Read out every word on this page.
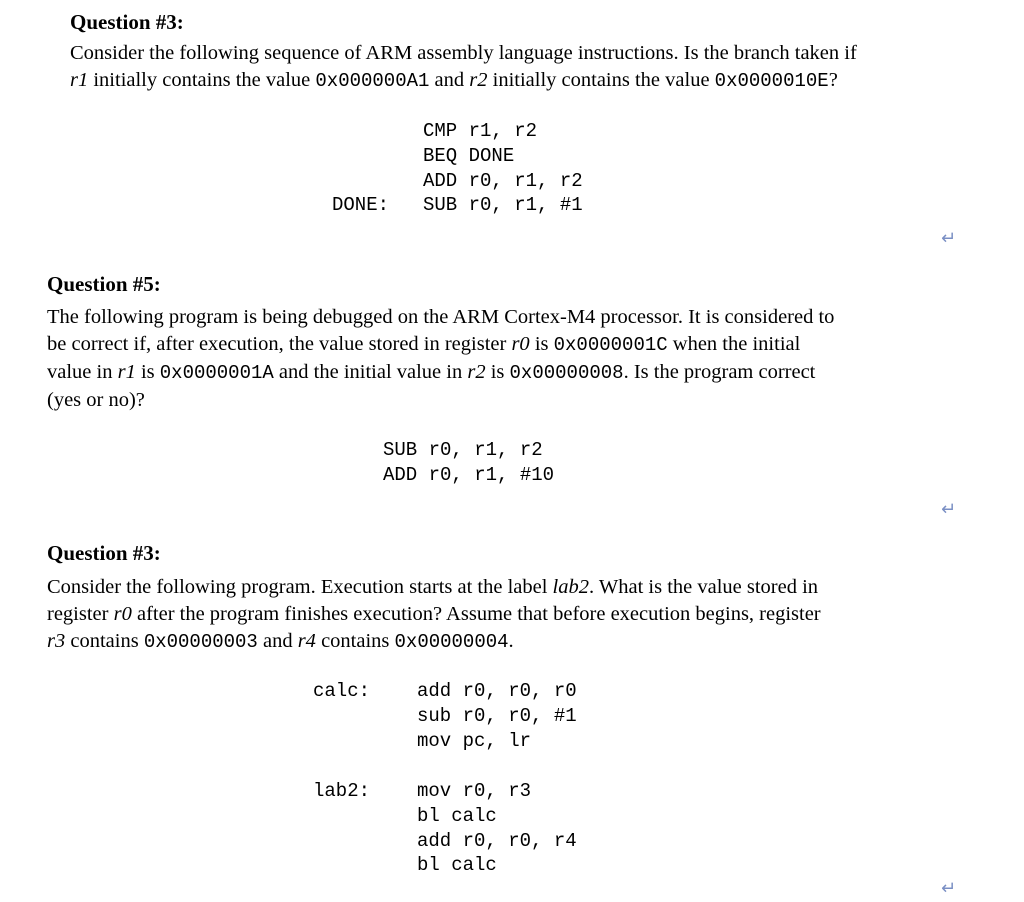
Question #3:
Consider the following sequence of ARM assembly language instructions. Is the branch taken if
r1 initially contains the value 0x000000A1 and r2 initially contains the value 0x0000010E?
DONE:
CMP r1, r2
BEQ DONE
ADD r0, r1, r2
SUB r0, r1, #1
↵
Question #5:
The following program is being debugged on the ARM Cortex-M4 processor. It is considered to
be correct if, after execution, the value stored in register r0 is 0x0000001C when the initial
value in r1 is 0x0000001A and the initial value in r2 is 0x00000008. Is the program correct
(yes or no)?
SUB r0, r1, r2
ADD r0, r1, #10
↵
Question #3:
Consider the following program. Execution starts at the label lab2. What is the value stored in
register r0 after the program finishes execution? Assume that before execution begins, register
r3 contains 0x00000003 and r4 contains 0x00000004.
calc: add r0, r0, r0
sub r0, r0, #1
mov pc, lr
lab2: mov r0, r3
bl calc
add r0, r0, r4
bl calc
↵
